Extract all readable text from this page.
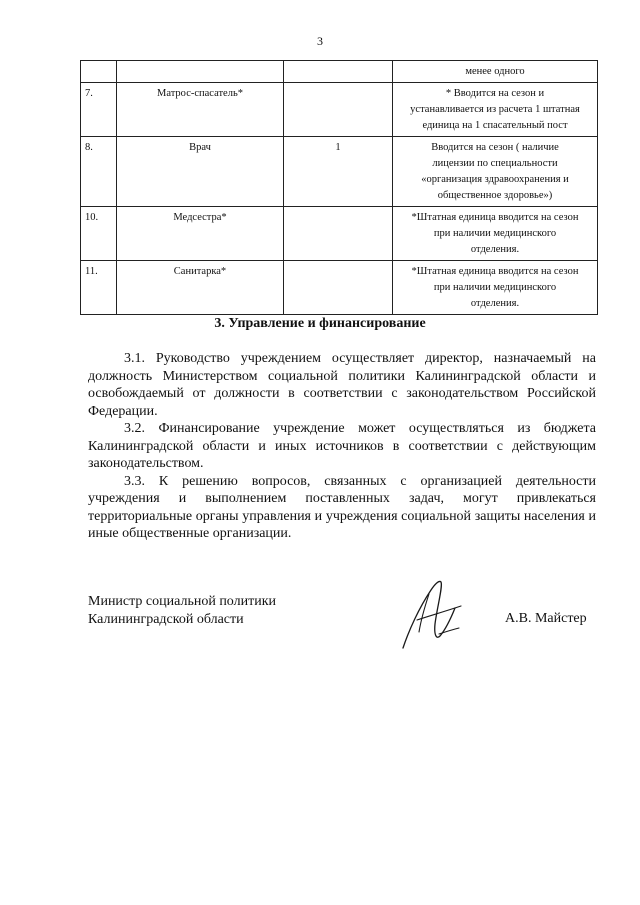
3

			менее одного

7.	Матрос-спасатель*		* Вводится на сезон и
устанавливается из расчета 1 штатная
единица на 1 спасательный пост

8.	Врач	1	Вводится на сезон ( наличие
лицензии по специальности
«организация здравоохранения и
общественное здоровье»)

10.	Медсестра*		*Штатная единица вводится на сезон
при наличии медицинского
отделения.

11.	Санитарка*		*Штатная единица вводится на сезон
при наличии медицинского
отделения.
3. Управление и финансирование

3.1. Руководство учреждением осуществляет директор, назначаемый на должность Министерством социальной политики Калининградской области и освобождаемый от должности в соответствии с законодательством Российской Федерации.

3.2. Финансирование учреждение может осуществляться из бюджета Калининградской области и иных источников в соответствии с действующим законодательством.

3.3. К решению вопросов, связанных с организацией деятельности учреждения и выполнением поставленных задач, могут привлекаться территориальные органы управления и учреждения социальной защиты населения и иные общественные организации.

Министр социальной политики
Калининградской области	А.В. Майстер
